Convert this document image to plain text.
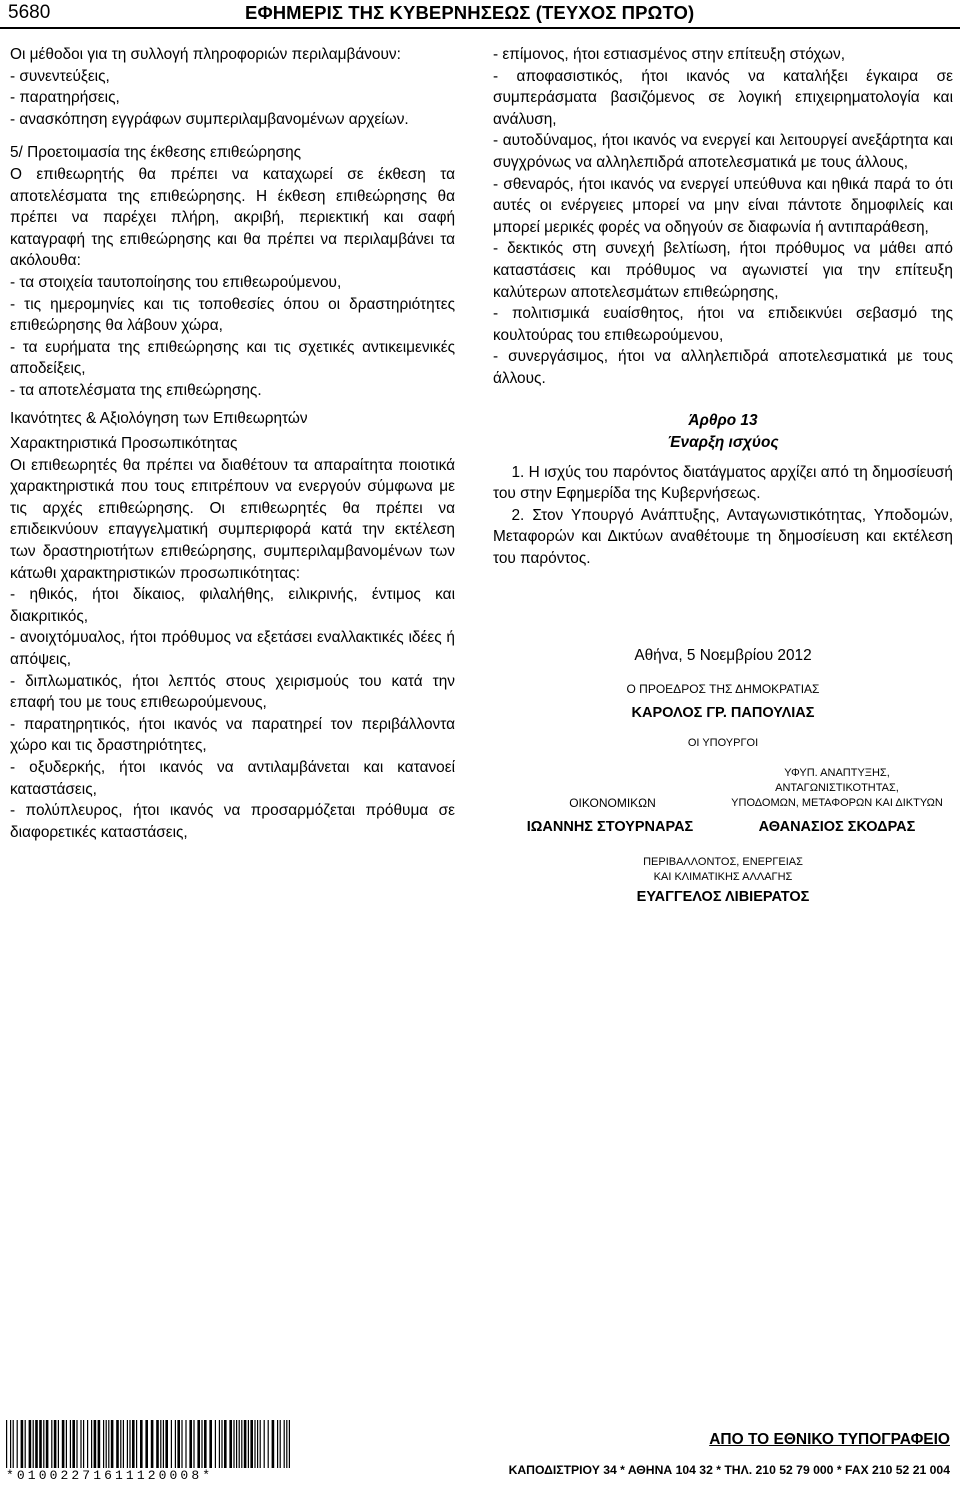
5680	ΕΦΗΜΕΡΙΣ ΤΗΣ ΚΥΒΕΡΝΗΣΕΩΣ (ΤΕΥΧΟΣ ΠΡΩΤΟ)

Οι μέθοδοι για τη συλλογή πληροφοριών περιλαμβάνουν:

- συνεντεύξεις,

- παρατηρήσεις,

- ανασκόπηση εγγράφων συμπεριλαμβανομένων αρχείων.

5/ Προετοιμασία της έκθεσης επιθεώρησης

Ο επιθεωρητής θα πρέπει να καταχωρεί σε έκθεση τα αποτελέσματα της επιθεώρησης. Η έκθεση επιθεώρησης θα πρέπει να παρέχει πλήρη, ακριβή, περιεκτική και σαφή καταγραφή της επιθεώρησης και θα πρέπει να περιλαμβάνει τα ακόλουθα:

- τα στοιχεία ταυτοποίησης του επιθεωρούμενου,

- τις ημερομηνίες και τις τοποθεσίες όπου οι δραστηριότητες επιθεώρησης θα λάβουν χώρα,

- τα ευρήματα της επιθεώρησης και τις σχετικές αντικειμενικές αποδείξεις,

- τα αποτελέσματα της επιθεώρησης.

Ικανότητες & Αξιολόγηση των Επιθεωρητών

Χαρακτηριστικά Προσωπικότητας

Οι επιθεωρητές θα πρέπει να διαθέτουν τα απαραίτητα ποιοτικά χαρακτηριστικά που τους επιτρέπουν να ενεργούν σύμφωνα με τις αρχές επιθεώρησης. Οι επιθεωρητές θα πρέπει να επιδεικνύουν επαγγελματική συμπεριφορά κατά την εκτέλεση των δραστηριοτήτων επιθεώρησης, συμπεριλαμβανομένων των κάτωθι χαρακτηριστικών προσωπικότητας:

- ηθικός, ήτοι δίκαιος, φιλαλήθης, ειλικρινής, έντιμος και διακριτικός,

- ανοιχτόμυαλος, ήτοι πρόθυμος να εξετάσει εναλλακτικές ιδέες ή απόψεις,

- διπλωματικός, ήτοι λεπτός στους χειρισμούς του κατά την επαφή του με τους επιθεωρούμενους,

- παρατηρητικός, ήτοι ικανός να παρατηρεί τον περιβάλλοντα χώρο και τις δραστηριότητες,

- οξυδερκής, ήτοι ικανός να αντιλαμβάνεται και κατανοεί καταστάσεις,

- πολύπλευρος, ήτοι ικανός να προσαρμόζεται πρόθυμα σε διαφορετικές καταστάσεις,

- επίμονος, ήτοι εστιασμένος στην επίτευξη στόχων,

- αποφασιστικός, ήτοι ικανός να καταλήξει έγκαιρα σε συμπεράσματα βασιζόμενος σε λογική επιχειρηματολογία και ανάλυση,

- αυτοδύναμος, ήτοι ικανός να ενεργεί και λειτουργεί ανεξάρτητα και συγχρόνως να αλληλεπιδρά αποτελεσματικά με τους άλλους,

- σθεναρός, ήτοι ικανός να ενεργεί υπεύθυνα και ηθικά παρά το ότι αυτές οι ενέργειες μπορεί να μην είναι πάντοτε δημοφιλείς και μπορεί μερικές φορές να οδηγούν σε διαφωνία ή αντιπαράθεση,

- δεκτικός στη συνεχή βελτίωση, ήτοι πρόθυμος να μάθει από καταστάσεις και πρόθυμος να αγωνιστεί για την επίτευξη καλύτερων αποτελεσμάτων επιθεώρησης,

- πολιτισμικά ευαίσθητος, ήτοι να επιδεικνύει σεβασμό της κουλτούρας του επιθεωρούμενου,

- συνεργάσιμος, ήτοι να αλληλεπιδρά αποτελεσματικά με τους άλλους.

Άρθρο 13
Έναρξη ισχύος

1. Η ισχύς του παρόντος διατάγματος αρχίζει από τη δημοσίευσή του στην Εφημερίδα της Κυβερνήσεως.

2. Στον Υπουργό Ανάπτυξης, Ανταγωνιστικότητας, Υποδομών, Μεταφορών και Δικτύων αναθέτουμε τη δημοσίευση και εκτέλεση του παρόντος.

Αθήνα, 5 Νοεμβρίου 2012
Ο ΠΡΟΕΔΡΟΣ ΤΗΣ ΔΗΜΟΚΡΑΤΙΑΣ
ΚΑΡΟΛΟΣ ΓΡ. ΠΑΠΟΥΛΙΑΣ
ΟΙ ΥΠΟΥΡΓΟΙ
ΟΙΚΟΝΟΜΙΚΩΝ
ΙΩΑΝΝΗΣ ΣΤΟΥΡΝΑΡΑΣ
ΥΦΥΠ. ΑΝΑΠΤΥΞΗΣ,
ΑΝΤΑΓΩΝΙΣΤΙΚΟΤΗΤΑΣ,
ΥΠΟΔΟΜΩΝ, ΜΕΤΑΦΟΡΩΝ ΚΑΙ ΔΙΚΤΥΩΝ
ΑΘΑΝΑΣΙΟΣ ΣΚΟΔΡΑΣ
ΠΕΡΙΒΑΛΛΟΝΤΟΣ, ΕΝΕΡΓΕΙΑΣ
ΚΑΙ ΚΛΙΜΑΤΙΚΗΣ ΑΛΛΑΓΗΣ
ΕΥΑΓΓΕΛΟΣ ΛΙΒΙΕΡΑΤΟΣ
*01002271611120008*
ΑΠΟ ΤΟ ΕΘΝΙΚΟ ΤΥΠΟΓΡΑΦΕΙΟ
ΚΑΠΟΔΙΣΤΡΙΟΥ 34 * ΑΘΗΝΑ 104 32 * ΤΗΛ. 210 52 79 000 * FAX 210 52 21 004
